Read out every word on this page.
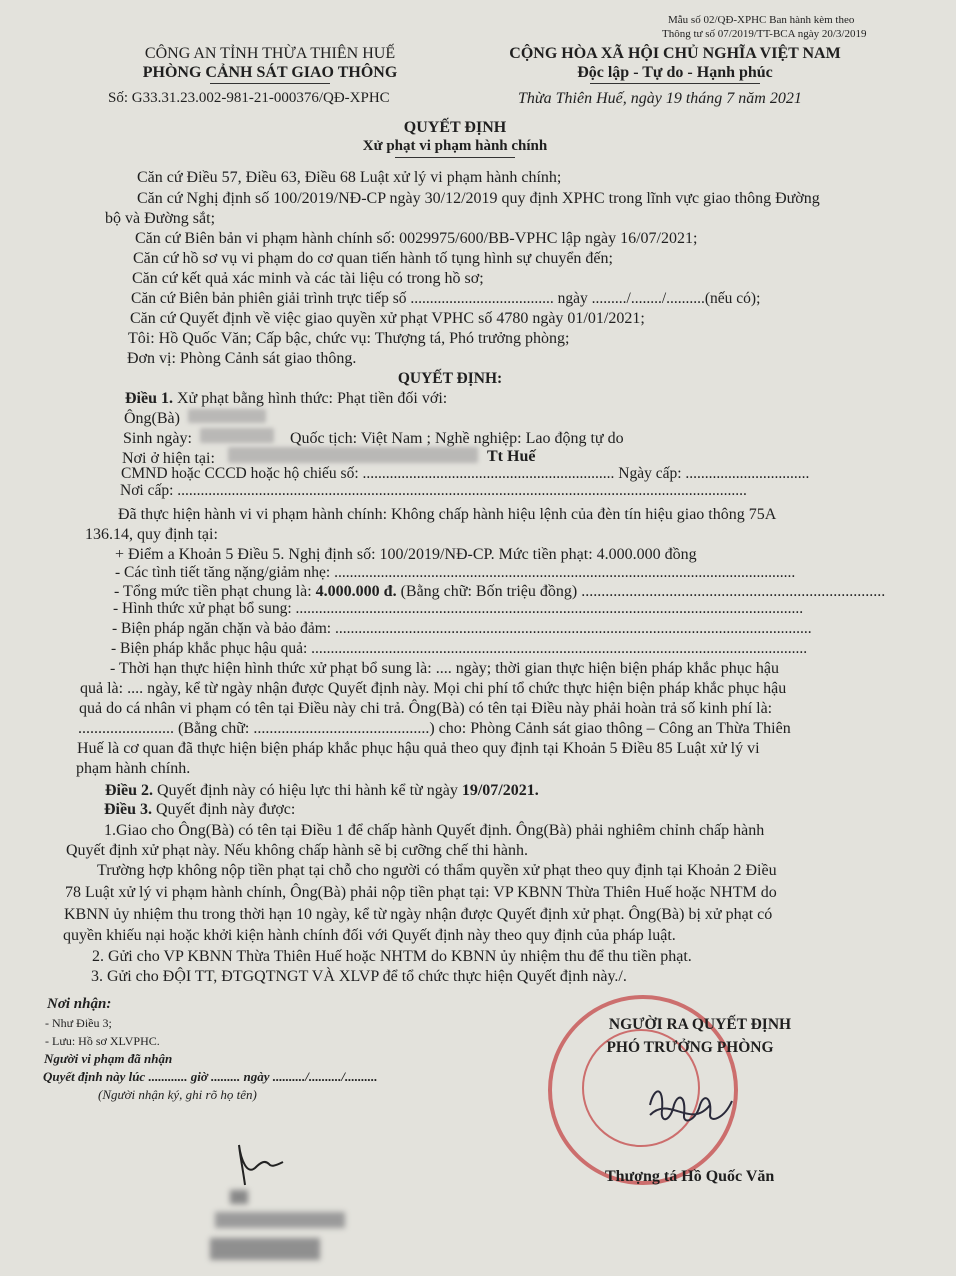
Mẫu số 02/QĐ-XPHC Ban hành kèm theo
Thông tư số 07/2019/TT-BCA ngày 20/3/2019
CÔNG AN TỈNH THỪA THIÊN HUẾ
PHÒNG CẢNH SÁT GIAO THÔNG
Số: G33.31.23.002-981-21-000376/QĐ-XPHC
CỘNG HÒA XÃ HỘI CHỦ NGHĨA VIỆT NAM
Độc lập - Tự do - Hạnh phúc
Thừa Thiên Huế, ngày 19 tháng 7 năm 2021
QUYẾT ĐỊNH
Xử phạt vi phạm hành chính
Căn cứ Điều 57, Điều 63, Điều 68 Luật xử lý vi phạm hành chính;
Căn cứ Nghị định số 100/2019/NĐ-CP ngày 30/12/2019 quy định XPHC trong lĩnh vực giao thông Đường
bộ và Đường sắt;
Căn cứ Biên bản vi phạm hành chính số: 0029975/600/BB-VPHC lập ngày 16/07/2021;
Căn cứ hồ sơ vụ vi phạm do cơ quan tiến hành tố tụng hình sự chuyển đến;
Căn cứ kết quả xác minh và các tài liệu có trong hồ sơ;
Căn cứ Biên bản phiên giải trình trực tiếp số ..................................... ngày ........./......../..........(nếu có);
Căn cứ Quyết định về việc giao quyền xử phạt VPHC số 4780 ngày 01/01/2021;
Tôi: Hồ Quốc Văn; Cấp bậc, chức vụ: Thượng tá, Phó trưởng phòng;
Đơn vị: Phòng Cảnh sát giao thông.
QUYẾT ĐỊNH:
Điều 1. Xử phạt bằng hình thức: Phạt tiền đối với:
Ông(Bà)
Sinh ngày:	Quốc tịch: Việt Nam ; Nghề nghiệp: Lao động tự do
Nơi ở hiện tại:	Tt Huế
CMND hoặc CCCD hoặc hộ chiếu số: ................................................................. Ngày cấp: ................................
Nơi cấp: ...................................................................................................................................................
Đã thực hiện hành vi vi phạm hành chính: Không chấp hành hiệu lệnh của đèn tín hiệu giao thông 75A
136.14, quy định tại:
+ Điểm a Khoản 5 Điều 5. Nghị định số: 100/2019/NĐ-CP. Mức tiền phạt: 4.000.000 đồng
- Các tình tiết tăng nặng/giảm nhẹ: .......................................................................................................................
- Tổng mức tiền phạt chung là: 4.000.000 đ. (Bằng chữ: Bốn triệu đồng) ............................................................................
- Hình thức xử phạt bổ sung: ...................................................................................................................................
- Biện pháp ngăn chặn và bảo đảm: ...........................................................................................................................
- Biện pháp khắc phục hậu quả: ................................................................................................................................
- Thời hạn thực hiện hình thức xử phạt bổ sung là: .... ngày; thời gian thực hiện biện pháp khắc phục hậu
quả là: .... ngày, kể từ ngày nhận được Quyết định này. Mọi chi phí tổ chức thực hiện biện pháp khắc phục hậu
quả do cá nhân vi phạm có tên tại Điều này chi trả. Ông(Bà) có tên tại Điều này phải hoàn trả số kinh phí là:
........................ (Bằng chữ: ............................................) cho: Phòng Cảnh sát giao thông – Công an Thừa Thiên
Huế là cơ quan đã thực hiện biện pháp khắc phục hậu quả theo quy định tại Khoản 5 Điều 85 Luật xử lý vi
phạm hành chính.
Điều 2. Quyết định này có hiệu lực thi hành kể từ ngày 19/07/2021.
Điều 3. Quyết định này được:
1.Giao cho Ông(Bà) có tên tại Điều 1 để chấp hành Quyết định. Ông(Bà) phải nghiêm chỉnh chấp hành
Quyết định xử phạt này. Nếu không chấp hành sẽ bị cưỡng chế thi hành.
Trường hợp không nộp tiền phạt tại chỗ cho người có thẩm quyền xử phạt theo quy định tại Khoản 2 Điều
78 Luật xử lý vi phạm hành chính, Ông(Bà) phải nộp tiền phạt tại: VP KBNN Thừa Thiên Huế hoặc NHTM do
KBNN ủy nhiệm thu trong thời hạn 10 ngày, kể từ ngày nhận được Quyết định xử phạt. Ông(Bà) bị xử phạt có
quyền khiếu nại hoặc khởi kiện hành chính đối với Quyết định này theo quy định của pháp luật.
2. Gửi cho VP KBNN Thừa Thiên Huế hoặc NHTM do KBNN ủy nhiệm thu để thu tiền phạt.
3. Gửi cho ĐỘI TT, ĐTGQTNGT VÀ XLVP để tổ chức thực hiện Quyết định này./.
Nơi nhận:
- Như Điều 3;
- Lưu: Hồ sơ XLVPHC.
Người vi phạm đã nhận
Quyết định này lúc ............ giờ ......... ngày ........../........../..........
(Người nhận ký, ghi rõ họ tên)
NGƯỜI RA QUYẾT ĐỊNH
PHÓ TRƯỞNG PHÒNG
Thượng tá Hồ Quốc Văn
